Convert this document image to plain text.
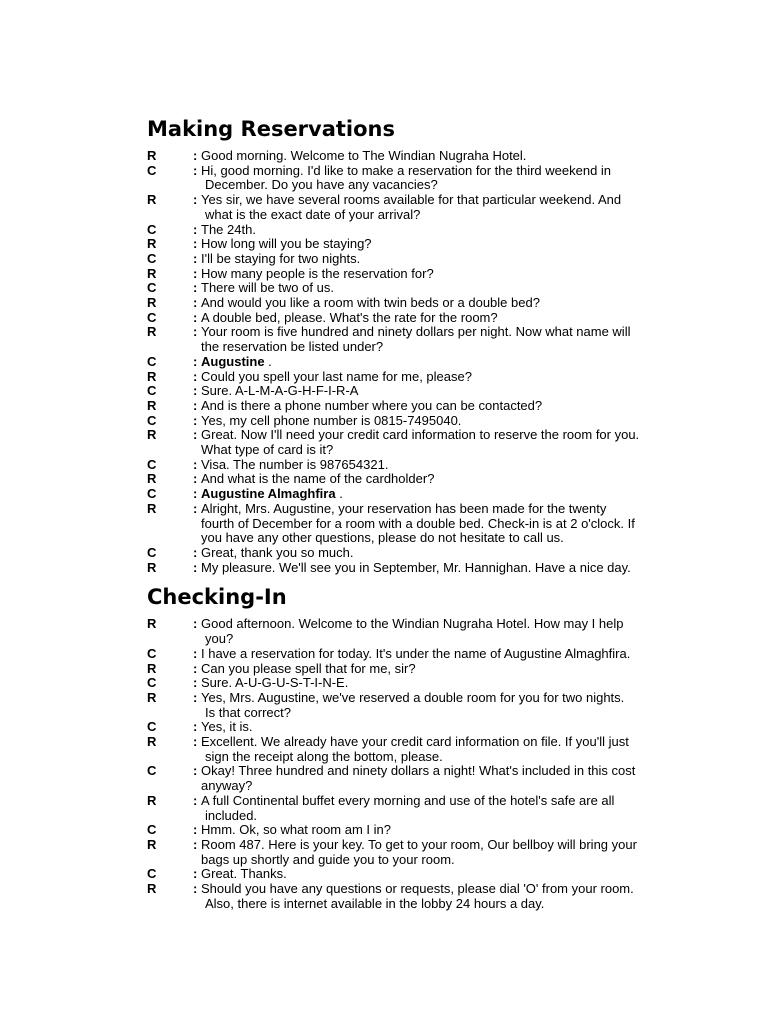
Making Reservations
R	: Good morning. Welcome to The Windian Nugraha Hotel.
C	: Hi, good morning. I'd like to make a reservation for the third weekend in
December. Do you have any vacancies?
R	: Yes sir, we have several rooms available for that particular weekend. And
what is the exact date of your arrival?
C	: The 24th.
R	: How long will you be staying?
C	: I'll be staying for two nights.
R	: How many people is the reservation for?
C	: There will be two of us.
R	: And would you like a room with twin beds or a double bed?
C	: A double bed, please. What's the rate for the room?
R	: Your room is five hundred and ninety dollars per night. Now what name will
the reservation be listed under?
C	: Augustine .
R	: Could you spell your last name for me, please?
C	: Sure. A-L-M-A-G-H-F-I-R-A
R	: And is there a phone number where you can be contacted?
C	: Yes, my cell phone number is 0815-7495040.
R	: Great. Now I'll need your credit card information to reserve the room for you.
What type of card is it?
C	: Visa. The number is 987654321.
R	: And what is the name of the cardholder?
C	: Augustine Almaghfira .
R	: Alright, Mrs. Augustine, your reservation has been made for the twenty
fourth of December for a room with a double bed. Check-in is at 2 o'clock. If
you have any other questions, please do not hesitate to call us.
C	: Great, thank you so much.
R	: My pleasure. We'll see you in September, Mr. Hannighan. Have a nice day.
Checking-In
R	: Good afternoon. Welcome to the Windian Nugraha Hotel. How may I help
you?
C	: I have a reservation for today. It's under the name of Augustine Almaghfira.
R	: Can you please spell that for me, sir?
C	: Sure. A-U-G-U-S-T-I-N-E.
R	: Yes, Mrs. Augustine, we've reserved a double room for you for two nights.
Is that correct?
C	: Yes, it is.
R	: Excellent. We already have your credit card information on file. If you'll just
sign the receipt along the bottom, please.
C	: Okay! Three hundred and ninety dollars a night! What's included in this cost
anyway?
R	: A full Continental buffet every morning and use of the hotel's safe are all
included.
C	: Hmm. Ok, so what room am I in?
R	: Room 487. Here is your key. To get to your room, Our bellboy will bring your
bags up shortly and guide you to your room.
C	: Great. Thanks.
R	: Should you have any questions or requests, please dial 'O' from your room.
Also, there is internet available in the lobby 24 hours a day.
